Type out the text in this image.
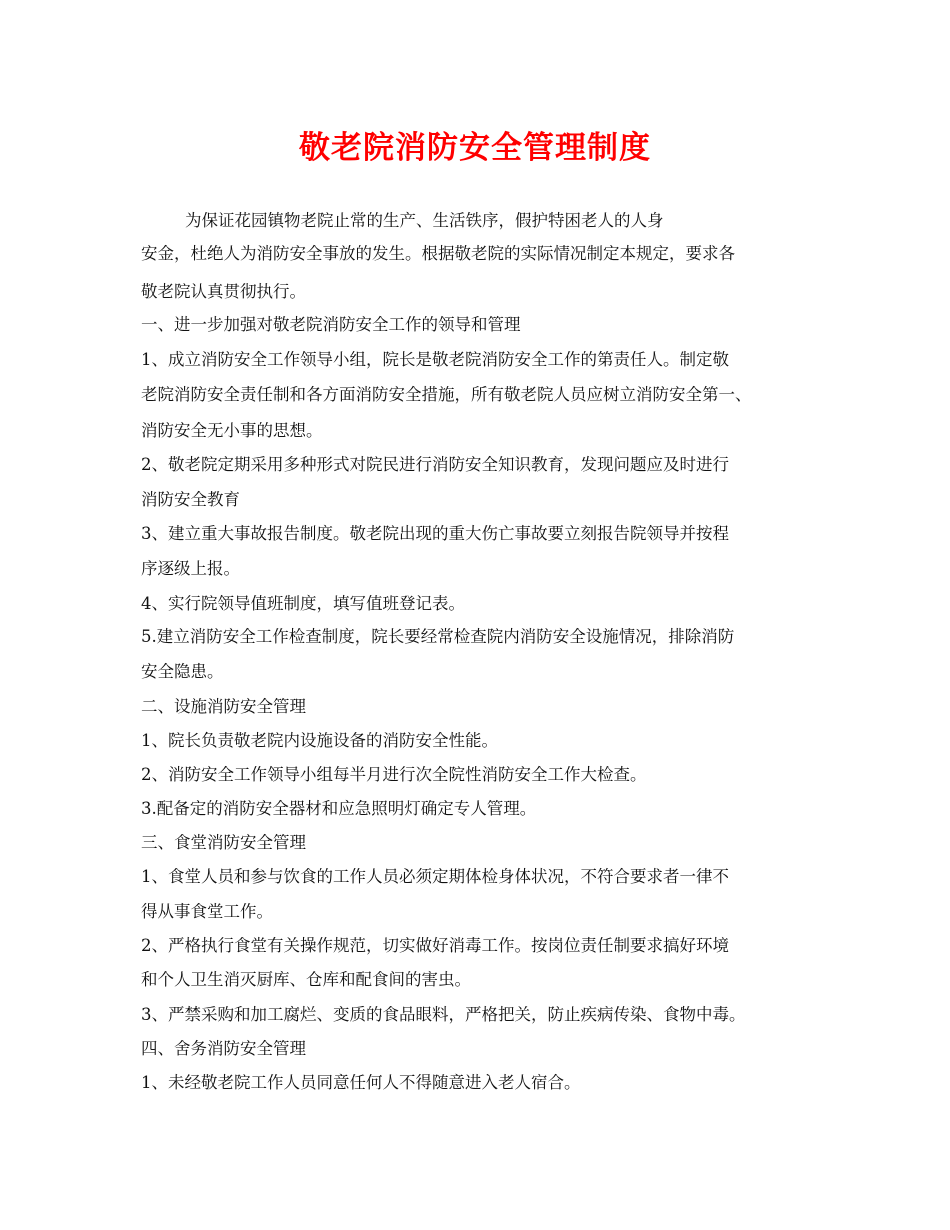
敬老院消防安全管理制度
为保证花园镇物老院止常的生产、生活铁序，假护特困老人的人身
安金，杜绝人为消防安全事放的发生。根据敬老院的实际情况制定本规定，要求各
敬老院认真贯彻执行。
一、进一步加强对敬老院消防安全工作的领导和管理
1、成立消防安全工作领导小组，院长是敬老院消防安全工作的第责任人。制定敬
老院消防安全责任制和各方面消防安全措施，所有敬老院人员应树立消防安全第一、
消防安全无小事的思想。
2、敬老院定期采用多种形式对院民进行消防安全知识教育，发现问题应及时进行
消防安全教育
3、建立重大事故报告制度。敬老院出现的重大伤亡事故要立刻报告院领导并按程
序逐级上报。
4、实行院领导值班制度，填写值班登记表。
5.建立消防安全工作检查制度，院长要经常检查院内消防安全设施情况，排除消防
安全隐患。
二、设施消防安全管理
1、院长负责敬老院内设施设备的消防安全性能。
2、消防安全工作领导小组每半月进行次全院性消防安全工作大检查。
3.配备定的消防安全器材和应急照明灯确定专人管理。
三、食堂消防安全管理
1、食堂人员和参与饮食的工作人员必须定期体检身体状况，不符合要求者一律不
得从事食堂工作。
2、严格执行食堂有关操作规范，切实做好消毒工作。按岗位责任制要求搞好环境
和个人卫生消灭厨库、仓库和配食间的害虫。
3、严禁采购和加工腐烂、变质的食品眼料，严格把关，防止疾病传染、食物中毒。
四、舍务消防安全管理
1、未经敬老院工作人员同意任何人不得随意进入老人宿合。
